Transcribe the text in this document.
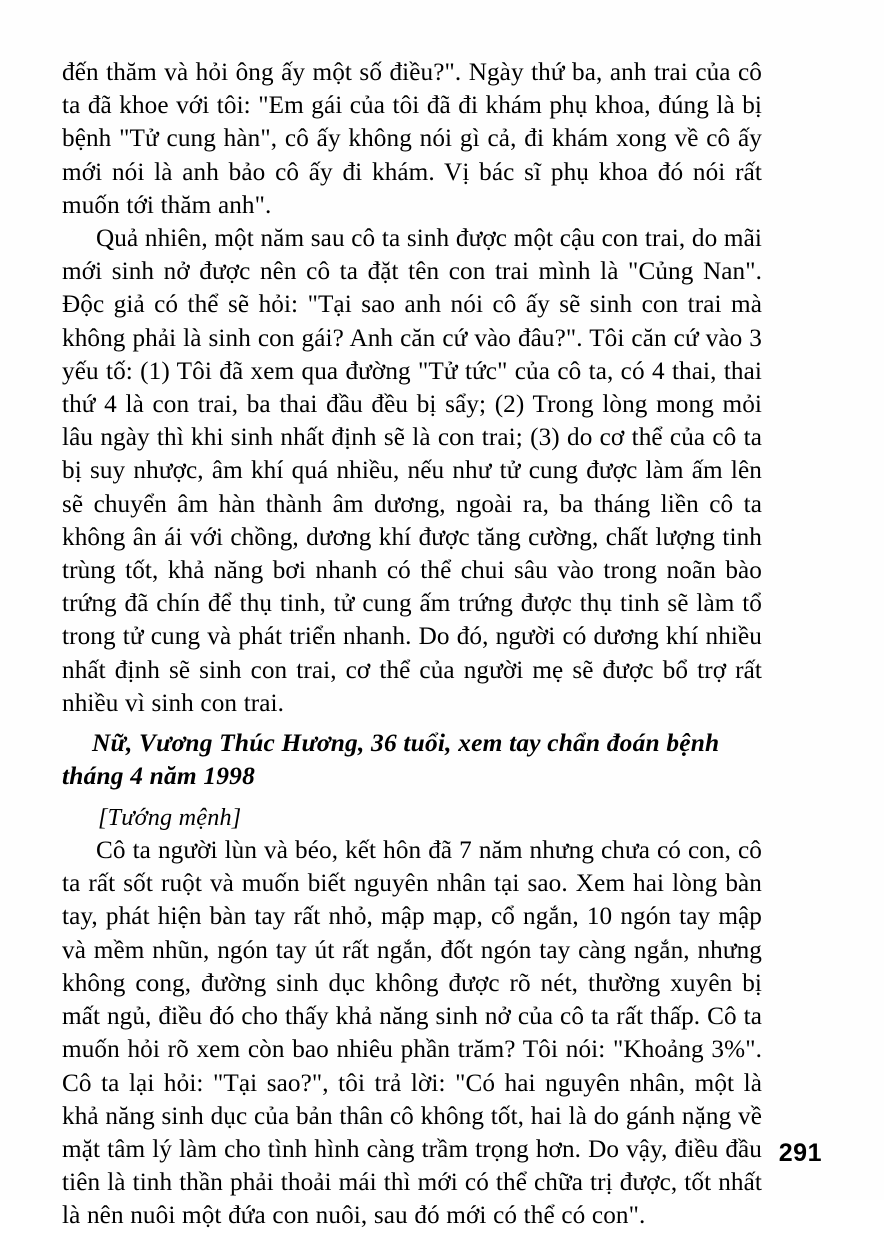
đến thăm và hỏi ông ấy một số điều?". Ngày thứ ba, anh trai của cô ta đã khoe với tôi: "Em gái của tôi đã đi khám phụ khoa, đúng là bị bệnh "Tử cung hàn", cô ấy không nói gì cả, đi khám xong về cô ấy mới nói là anh bảo cô ấy đi khám. Vị bác sĩ phụ khoa đó nói rất muốn tới thăm anh".

Quả nhiên, một năm sau cô ta sinh được một cậu con trai, do mãi mới sinh nở được nên cô ta đặt tên con trai mình là "Củng Nan". Độc giả có thể sẽ hỏi: "Tại sao anh nói cô ấy sẽ sinh con trai mà không phải là sinh con gái? Anh căn cứ vào đâu?". Tôi căn cứ vào 3 yếu tố: (1) Tôi đã xem qua đường "Tử tức" của cô ta, có 4 thai, thai thứ 4 là con trai, ba thai đầu đều bị sẩy; (2) Trong lòng mong mỏi lâu ngày thì khi sinh nhất định sẽ là con trai; (3) do cơ thể của cô ta bị suy nhược, âm khí quá nhiều, nếu như tử cung được làm ấm lên sẽ chuyển âm hàn thành âm dương, ngoài ra, ba tháng liền cô ta không ân ái với chồng, dương khí được tăng cường, chất lượng tinh trùng tốt, khả năng bơi nhanh có thể chui sâu vào trong noãn bào trứng đã chín để thụ tinh, tử cung ấm trứng được thụ tinh sẽ làm tổ trong tử cung và phát triển nhanh. Do đó, người có dương khí nhiều nhất định sẽ sinh con trai, cơ thể của người mẹ sẽ được bổ trợ rất nhiều vì sinh con trai.

Nữ, Vương Thúc Hương, 36 tuổi, xem tay chẩn đoán bệnh tháng 4 năm 1998

[Tướng mệnh]

Cô ta người lùn và béo, kết hôn đã 7 năm nhưng chưa có con, cô ta rất sốt ruột và muốn biết nguyên nhân tại sao. Xem hai lòng bàn tay, phát hiện bàn tay rất nhỏ, mập mạp, cổ ngắn, 10 ngón tay mập và mềm nhũn, ngón tay út rất ngắn, đốt ngón tay càng ngắn, nhưng không cong, đường sinh dục không được rõ nét, thường xuyên bị mất ngủ, điều đó cho thấy khả năng sinh nở của cô ta rất thấp. Cô ta muốn hỏi rõ xem còn bao nhiêu phần trăm? Tôi nói: "Khoảng 3%". Cô ta lại hỏi: "Tại sao?", tôi trả lời: "Có hai nguyên nhân, một là khả năng sinh dục của bản thân cô không tốt, hai là do gánh nặng về mặt tâm lý làm cho tình hình càng trầm trọng hơn. Do vậy, điều đầu tiên là tinh thần phải thoải mái thì mới có thể chữa trị được, tốt nhất là nên nuôi một đứa con nuôi, sau đó mới có thể có con".

291
